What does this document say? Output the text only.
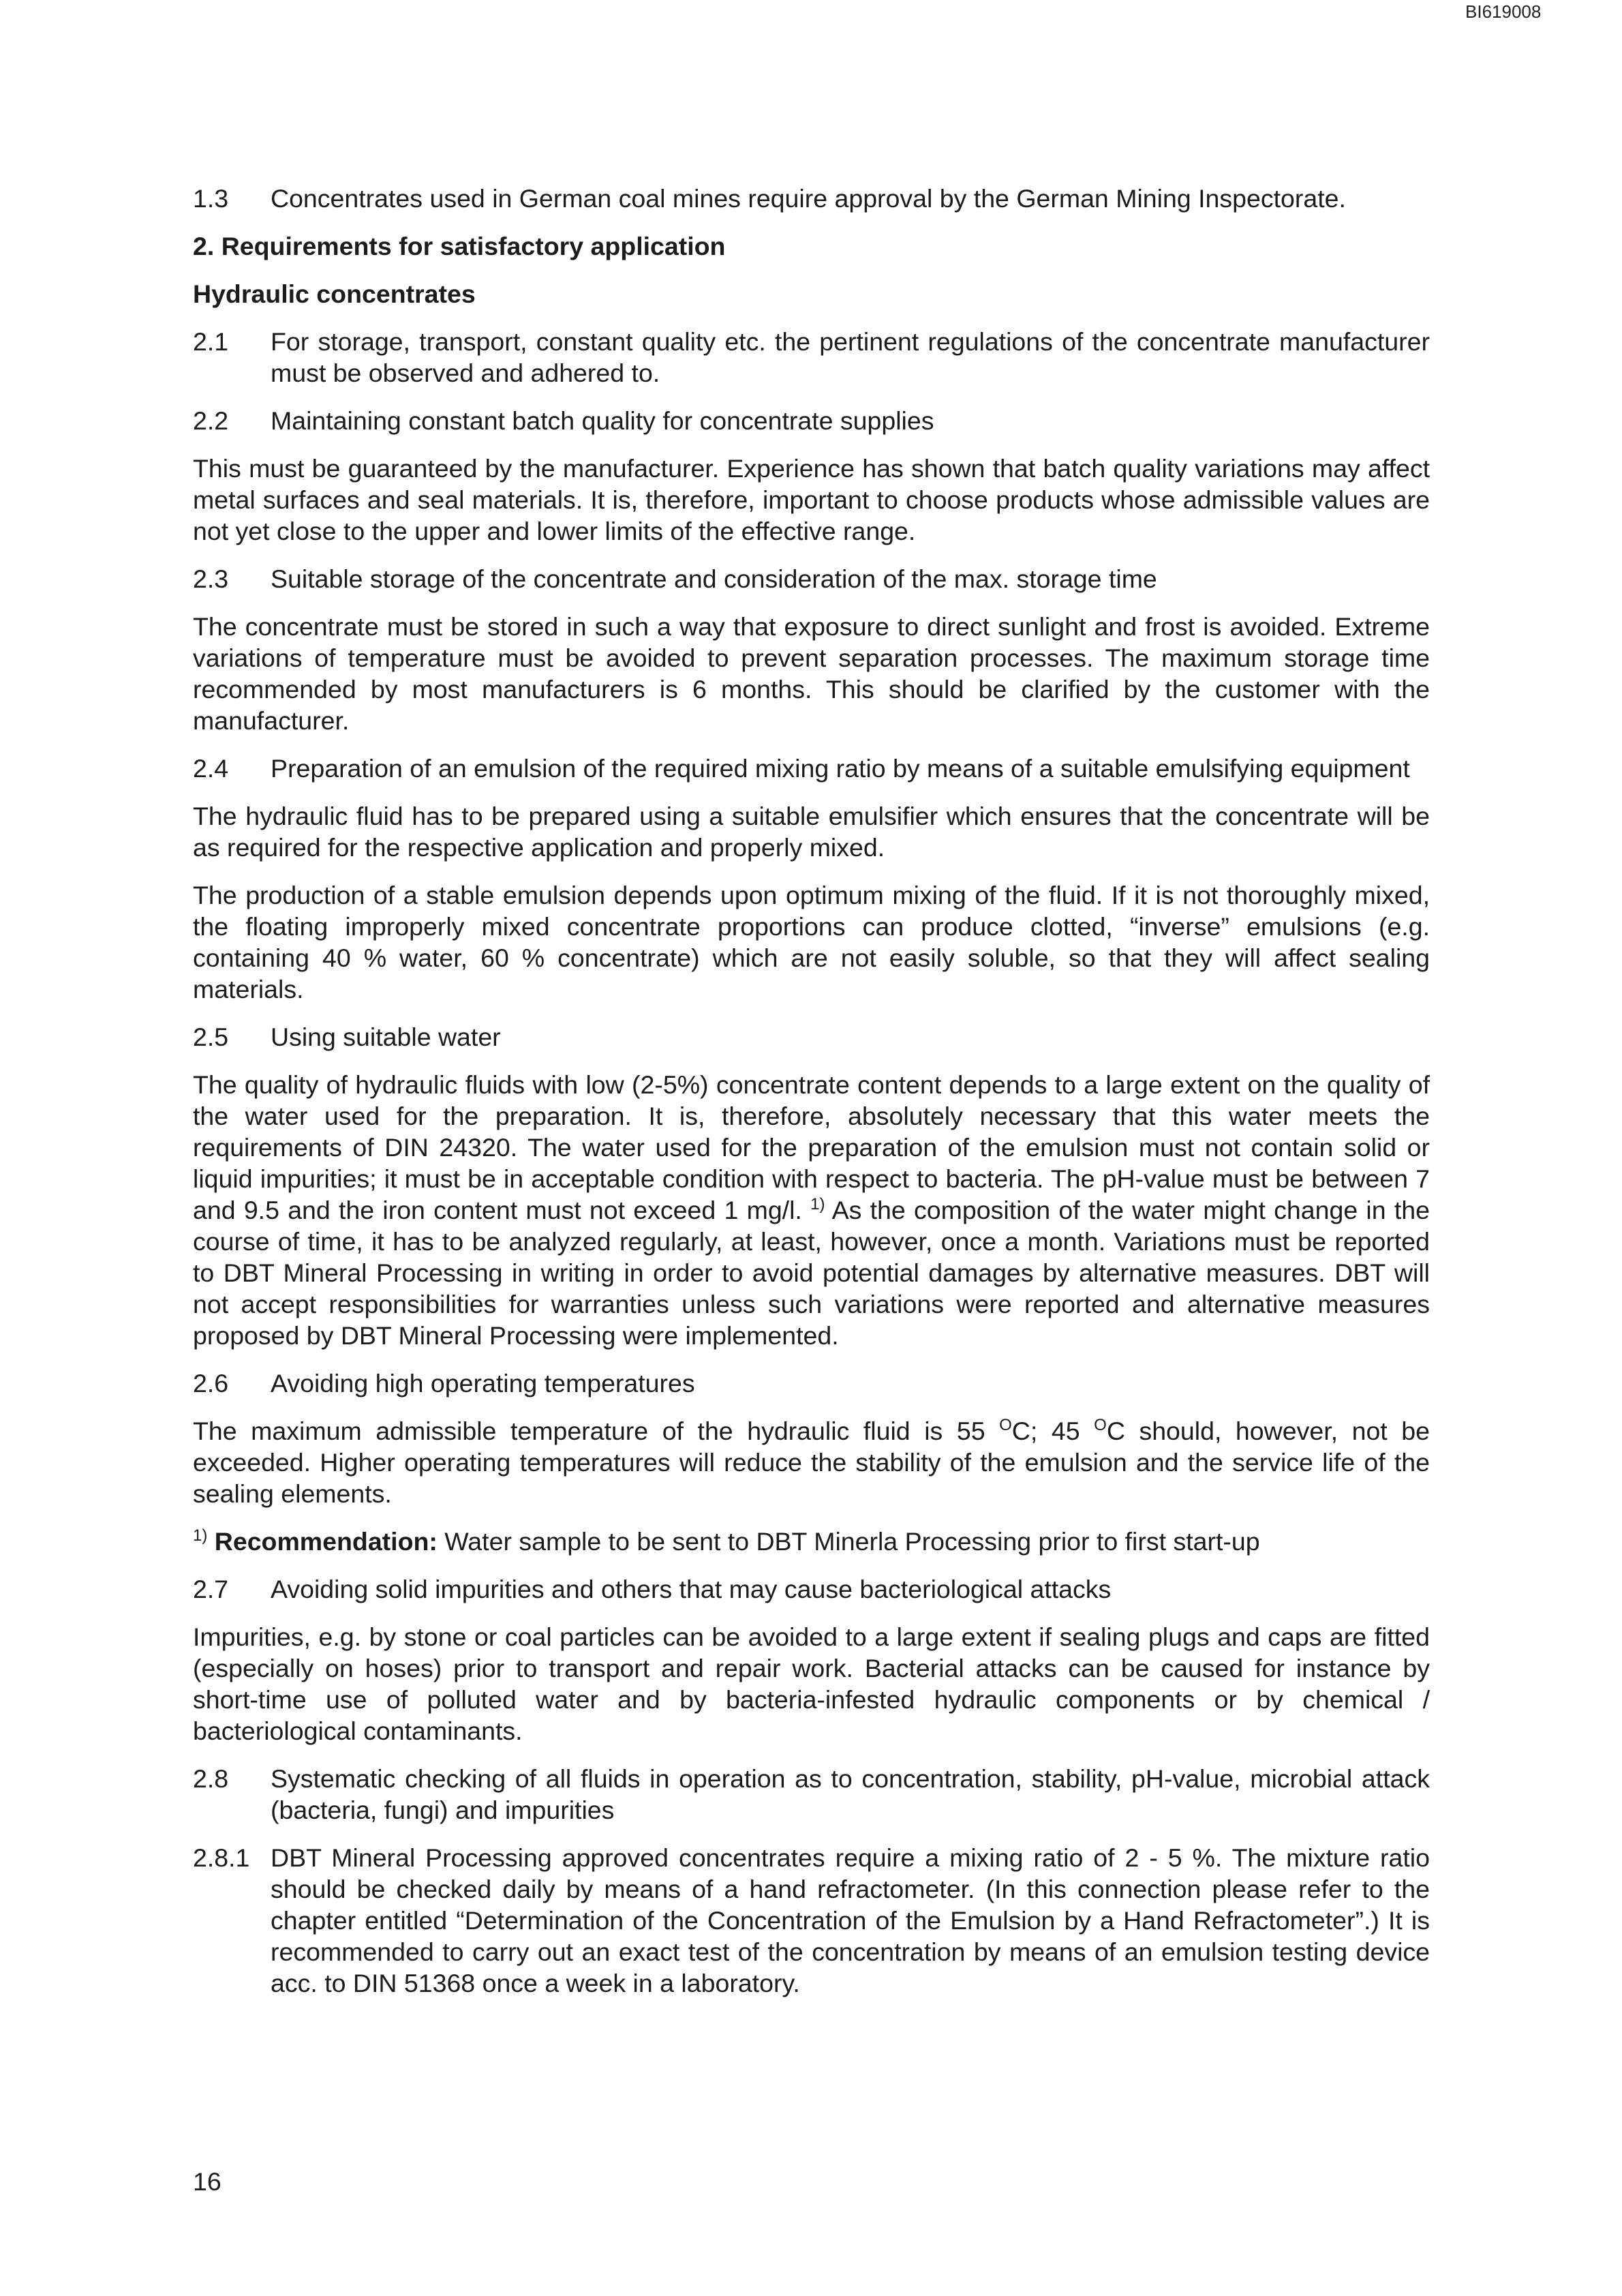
BI619008
1.3	Concentrates used in German coal mines require approval by the German Mining Inspectorate.
2. Requirements for satisfactory application
Hydraulic concentrates
2.1	For storage, transport, constant quality etc. the pertinent regulations of the concentrate manufacturer must be observed and adhered to.
2.2	Maintaining constant batch quality for concentrate supplies

This must be guaranteed by the manufacturer. Experience has shown that batch quality variations may affect metal surfaces and seal materials. It is, therefore, important to choose products whose admissible values are not yet close to the upper and lower limits of the effective range.

2.3	Suitable storage of the concentrate and consideration of the max. storage time

The concentrate must be stored in such a way that exposure to direct sunlight and frost is avoided. Extreme variations of temperature must be avoided to prevent separation processes. The maximum storage time recommended by most manufacturers is 6 months. This should be clarified by the customer with the manufacturer.

2.4	Preparation of an emulsion of the required mixing ratio by means of a suitable emulsifying equipment

The hydraulic fluid has to be prepared using a suitable emulsifier which ensures that the concentrate will be as required for the respective application and properly mixed.

The production of a stable emulsion depends upon optimum mixing of the fluid. If it is not thoroughly mixed, the floating improperly mixed concentrate proportions can produce clotted, “inverse” emulsions (e.g. containing 40 % water, 60 % concentrate) which are not easily soluble, so that they will affect sealing materials.

2.5	Using suitable water

The quality of hydraulic fluids with low (2-5%) concentrate content depends to a large extent on the quality of the water used for the preparation. It is, therefore, absolutely necessary that this water meets the requirements of DIN 24320. The water used for the preparation of the emulsion must not contain solid or liquid impurities; it must be in acceptable condition with respect to bacteria. The pH-value must be between 7 and 9.5 and the iron content must not exceed 1 mg/l. $^{1)}$ As the composition of the water might change in the course of time, it has to be analyzed regularly, at least, however, once a month. Variations must be reported to DBT Mineral Processing in writing in order to avoid potential damages by alternative measures. DBT will not accept responsibilities for warranties unless such variations were reported and alternative measures proposed by DBT Mineral Processing were implemented.

2.6	Avoiding high operating temperatures

The maximum admissible temperature of the hydraulic fluid is 55 $^O$C; 45 $^O$C should, however, not be exceeded. Higher operating temperatures will reduce the stability of the emulsion and the service life of the sealing elements.

$^{1)}$ Recommendation: Water sample to be sent to DBT Minerla Processing prior to first start-up
2.7	Avoiding solid impurities and others that may cause bacteriological attacks

Impurities, e.g. by stone or coal particles can be avoided to a large extent if sealing plugs and caps are fitted (especially on hoses) prior to transport and repair work. Bacterial attacks can be caused for instance by short-time use of polluted water and by bacteria-infested hydraulic components or by chemical / bacteriological contaminants.

2.8	Systematic checking of all fluids in operation as to concentration, stability, pH-value, microbial attack (bacteria, fungi) and impurities
2.8.1 DBT Mineral Processing approved concentrates require a mixing ratio of 2 - 5 %. The mixture ratio should be checked daily by means of a hand refractometer. (In this connection please refer to the chapter entitled “Determination of the Concentration of the Emulsion by a Hand Refractometer”.) It is recommended to carry out an exact test of the concentration by means of an emulsion testing device acc. to DIN 51368 once a week in a laboratory.
16
